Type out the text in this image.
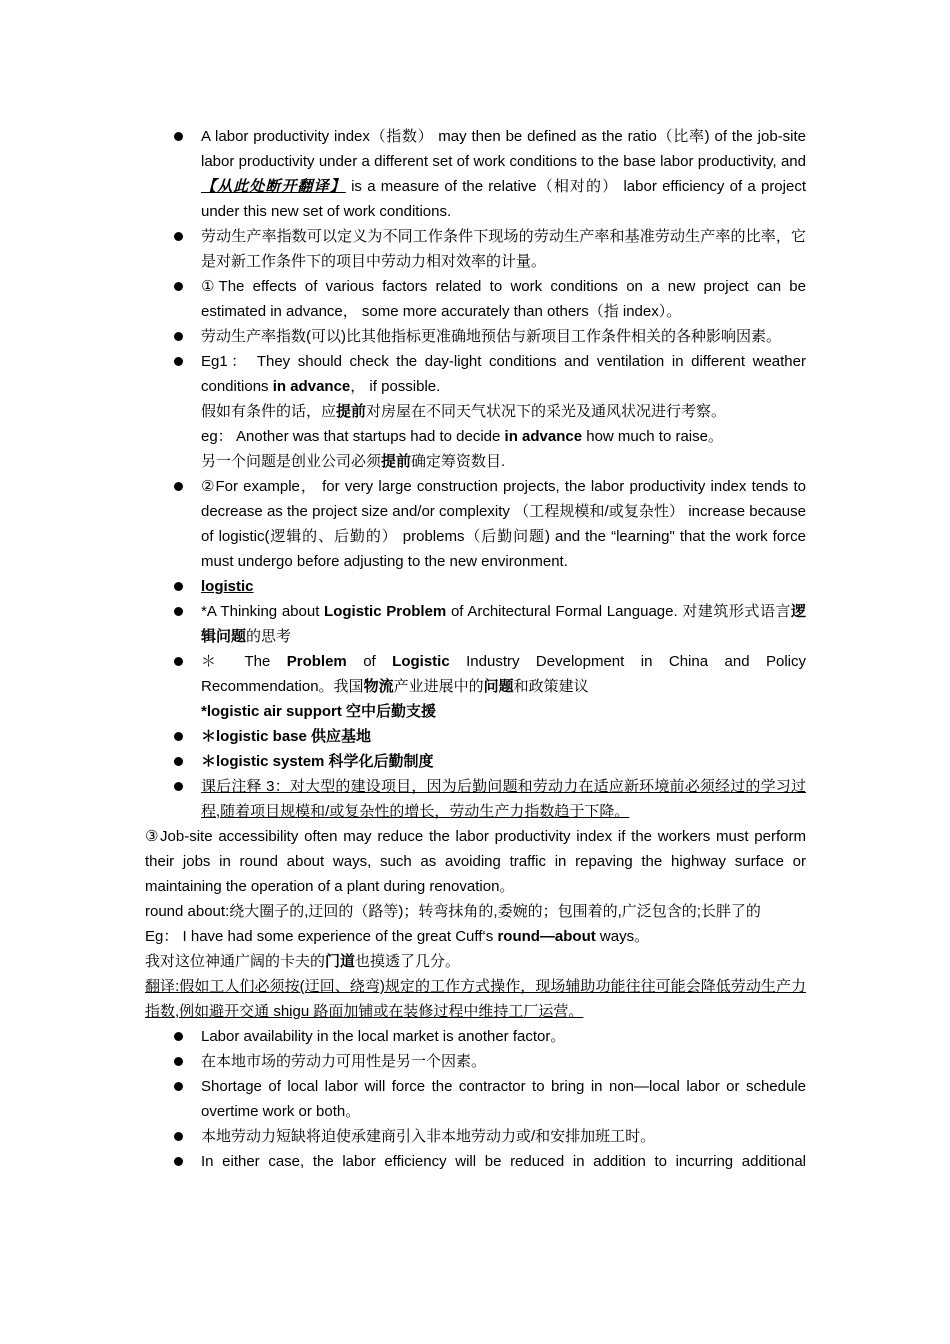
A labor productivity index（指数） may then be defined as the ratio（比率) of the job-site labor productivity under a different set of work conditions to the base labor productivity, and 【从此处断开翻译】 is a measure of the relative（相对的） labor efficiency of a project under this new set of work conditions.
劳动生产率指数可以定义为不同工作条件下现场的劳动生产率和基准劳动生产率的比率，它是对新工作条件下的项目中劳动力相对效率的计量。
①The effects of various factors related to work conditions on a new project can be estimated in advance， some more accurately than others（指 index）。
劳动生产率指数(可以)比其他指标更准确地预估与新项目工作条件相关的各种影响因素。
Eg1： They should check the day-light conditions and ventilation in different weather conditions in advance， if possible.
假如有条件的话，应提前对房屋在不同天气状况下的采光及通风状况进行考察。
eg： Another was that startups had to decide in advance how much to raise。
另一个问题是创业公司必须提前确定筹资数目.
②For example， for very large construction projects, the labor productivity index tends to decrease as the project size and/or complexity （工程规模和/或复杂性） increase because of logistic(逻辑的、后勤的） problems（后勤问题) and the “learning" that the work force must undergo before adjusting to the new environment.
logistic
*A Thinking about Logistic Problem of Architectural Formal Language. 对建筑形式语言逻辑问题的思考
＊ The Problem of Logistic Industry Development in China and Policy Recommendation。我国物流产业进展中的问题和政策建议
*logistic air support 空中后勤支援
＊logistic base 供应基地
＊logistic system 科学化后勤制度
课后注释 3：对大型的建设项目，因为后勤问题和劳动力在适应新环境前必须经过的学习过程,随着项目规模和/或复杂性的增长，劳动生产力指数趋于下降。
③Job-site accessibility often may reduce the labor productivity index if the workers must perform their jobs in round about ways, such as avoiding traffic in repaving the highway surface or maintaining the operation of a plant during renovation。
round about:绕大圈子的,迂回的（路等)；转弯抹角的,委婉的；包围着的,广泛包含的;长胖了的
Eg： I have had some experience of the great Cuff‘s round—about ways。
我对这位神通广阔的卡夫的门道也摸透了几分。
翻译:假如工人们必须按(迂回、绕弯)规定的工作方式操作，现场辅助功能往往可能会降低劳动生产力指数,例如避开交通 shigu 路面加铺或在装修过程中维持工厂运营。
Labor availability in the local market is another factor。
在本地市场的劳动力可用性是另一个因素。
Shortage of local labor will force the contractor to bring in non—local labor or schedule overtime work or both。
本地劳动力短缺将迫使承建商引入非本地劳动力或/和安排加班工时。
In either case, the labor efficiency will be reduced in addition to incurring additional
